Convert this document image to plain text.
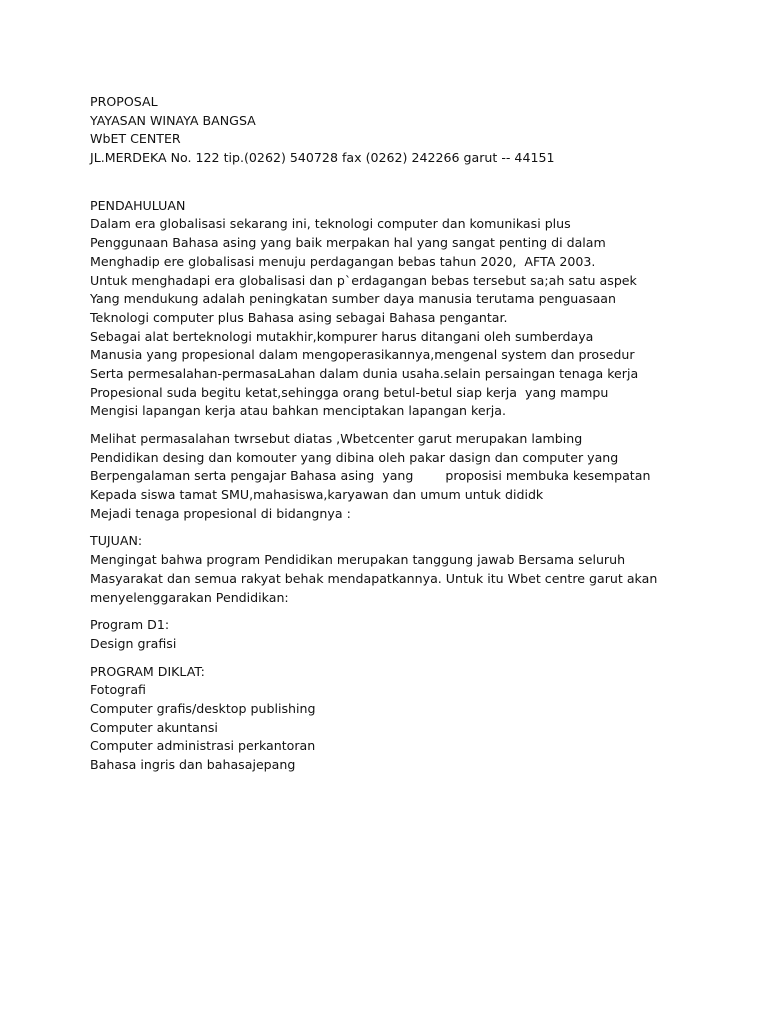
PROPOSAL
YAYASAN WINAYA BANGSA
WbET CENTER
JL.MERDEKA No. 122 tip.(0262) 540728 fax (0262) 242266 garut -- 44151
PENDAHULUAN
Dalam era globalisasi sekarang ini, teknologi computer dan komunikasi plus
Penggunaan Bahasa asing yang baik merpakan hal yang sangat penting di dalam
Menghadip ere globalisasi menuju perdagangan bebas tahun 2020,  AFTA 2003.
Untuk menghadapi era globalisasi dan p`erdagangan bebas tersebut sa;ah satu aspek
Yang mendukung adalah peningkatan sumber daya manusia terutama penguasaan
Teknologi computer plus Bahasa asing sebagai Bahasa pengantar.
Sebagai alat berteknologi mutakhir,kompurer harus ditangani oleh sumberdaya
Manusia yang propesional dalam mengoperasikannya,mengenal system dan prosedur
Serta permesalahan-permasaLahan dalam dunia usaha.selain persaingan tenaga kerja
Propesional suda begitu ketat,sehingga orang betul-betul siap kerja  yang mampu
Mengisi lapangan kerja atau bahkan menciptakan lapangan kerja.
Melihat permasalahan twrsebut diatas ,Wbetcenter garut merupakan lambing
Pendidikan desing dan komouter yang dibina oleh pakar dasign dan computer yang
Berpengalaman serta pengajar Bahasa asing  yang        proposisi membuka kesempatan
Kepada siswa tamat SMU,mahasiswa,karyawan dan umum untuk dididk
Mejadi tenaga propesional di bidangnya :
TUJUAN:
Mengingat bahwa program Pendidikan merupakan tanggung jawab Bersama seluruh
Masyarakat dan semua rakyat behak mendapatkannya. Untuk itu Wbet centre garut akan
menyelenggarakan Pendidikan:
Program D1:
Design grafisi
PROGRAM DIKLAT:
Fotografi
Computer grafis/desktop publishing
Computer akuntansi
Computer administrasi perkantoran
Bahasa ingris dan bahasajepang
